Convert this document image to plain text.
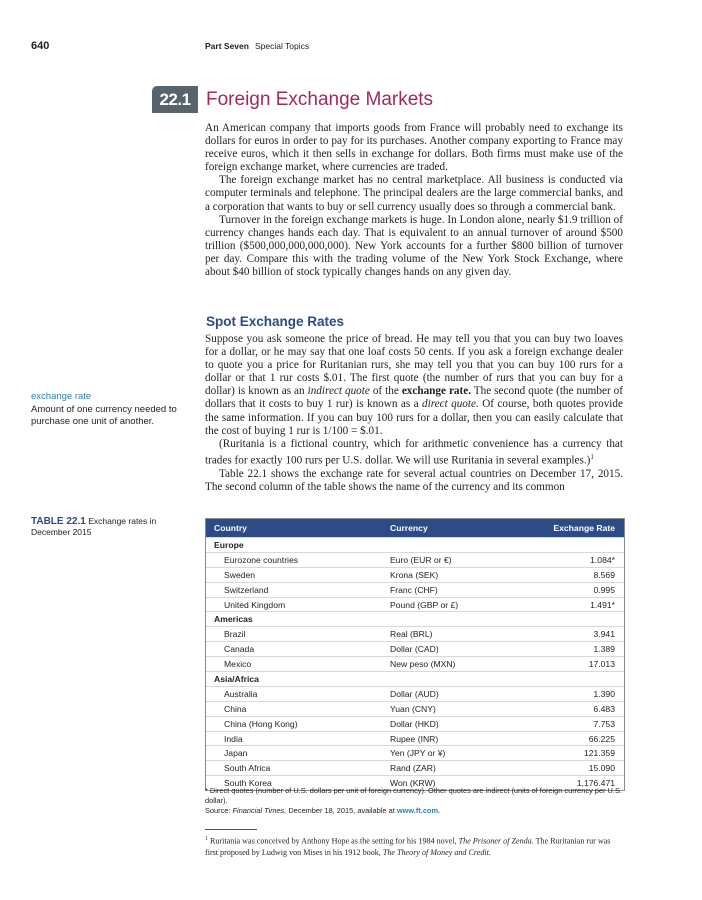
640	Part Seven Special Topics
22.1 Foreign Exchange Markets

An American company that imports goods from France will probably need to exchange its dollars for euros in order to pay for its purchases. Another company exporting to France may receive euros, which it then sells in exchange for dollars. Both firms must make use of the foreign exchange market, where currencies are traded.

The foreign exchange market has no central marketplace. All business is conducted via computer terminals and telephone. The principal dealers are the large commercial banks, and a corporation that wants to buy or sell currency usually does so through a commercial bank.

Turnover in the foreign exchange markets is huge. In London alone, nearly $1.9 trillion of currency changes hands each day. That is equivalent to an annual turnover of around $500 trillion ($500,000,000,000,000). New York accounts for a further $800 billion of turnover per day. Compare this with the trading volume of the New York Stock Exchange, where about $40 billion of stock typically changes hands on any given day.

Spot Exchange Rates

Suppose you ask someone the price of bread. He may tell you that you can buy two loaves for a dollar, or he may say that one loaf costs 50 cents. If you ask a foreign exchange dealer to quote you a price for Ruritanian rurs, she may tell you that you can buy 100 rurs for a dollar or that 1 rur costs $.01. The first quote (the number of rurs that you can buy for a dollar) is known as an indirect quote of the exchange rate. The second quote (the number of dollars that it costs to buy 1 rur) is known as a direct quote. Of course, both quotes provide the same information. If you can buy 100 rurs for a dollar, then you can easily calculate that the cost of buying 1 rur is 1/100 = $.01.

(Ruritania is a fictional country, which for arithmetic convenience has a currency that trades for exactly 100 rurs per U.S. dollar. We will use Ruritania in several examples.)$^1$

Table 22.1 shows the exchange rate for several actual countries on December 17, 2015. The second column of the table shows the name of the currency and its common

exchange rate
Amount of one currency needed to purchase one unit of another.
TABLE 22.1 Exchange rates in December 2015	Country	Currency	Exchange Rate
Europe
Eurozone countries	Euro (EUR or €)	1.084*
Sweden	Krona (SEK)	8.569
Switzerland	Franc (CHF)	0.995
United Kingdom	Pound (GBP or £)	1.491*
Americas
Brazil	Real (BRL)	3.941
Canada	Dollar (CAD)	1.389
Mexico	New peso (MXN)	17.013
Asia/Africa
Australia	Dollar (AUD)	1.390
China	Yuan (CNY)	6.483
China (Hong Kong)	Dollar (HKD)	7.753
India	Rupee (INR)	66.225
Japan	Yen (JPY or ¥)	121.359
South Africa	Rand (ZAR)	15.090
South Korea	Won (KRW)	1,176.471
* Direct quotes (number of U.S. dollars per unit of foreign currency). Other quotes are indirect (units of foreign currency per U.S. dollar).
Source: Financial Times, December 18, 2015, available at www.ft.com.
$^1$ Ruritania was conceived by Anthony Hope as the setting for his 1984 novel, The Prisoner of Zenda. The Ruritanian rur was first proposed by Ludwig von Mises in his 1912 book, The Theory of Money and Credit.
